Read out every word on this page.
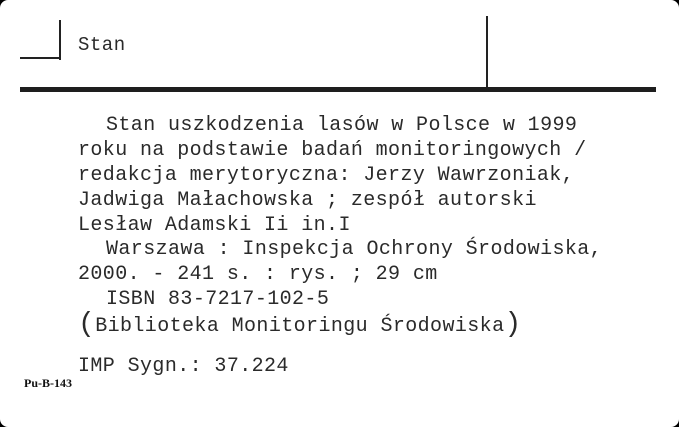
Stan
Stan uszkodzenia lasów w Polsce w 1999
roku na podstawie badań monitoringowych /
redakcja merytoryczna: Jerzy Wawrzoniak,
Jadwiga Małachowska ; zespół autorski
Lesław Adamski Ii in.I
Warszawa : Inspekcja Ochrony Środowiska,
2000. - 241 s. : rys. ; 29 cm
ISBN 83-7217-102-5
(Biblioteka Monitoringu Środowiska)
IMP Sygn.: 37.224
Pu-B-143
